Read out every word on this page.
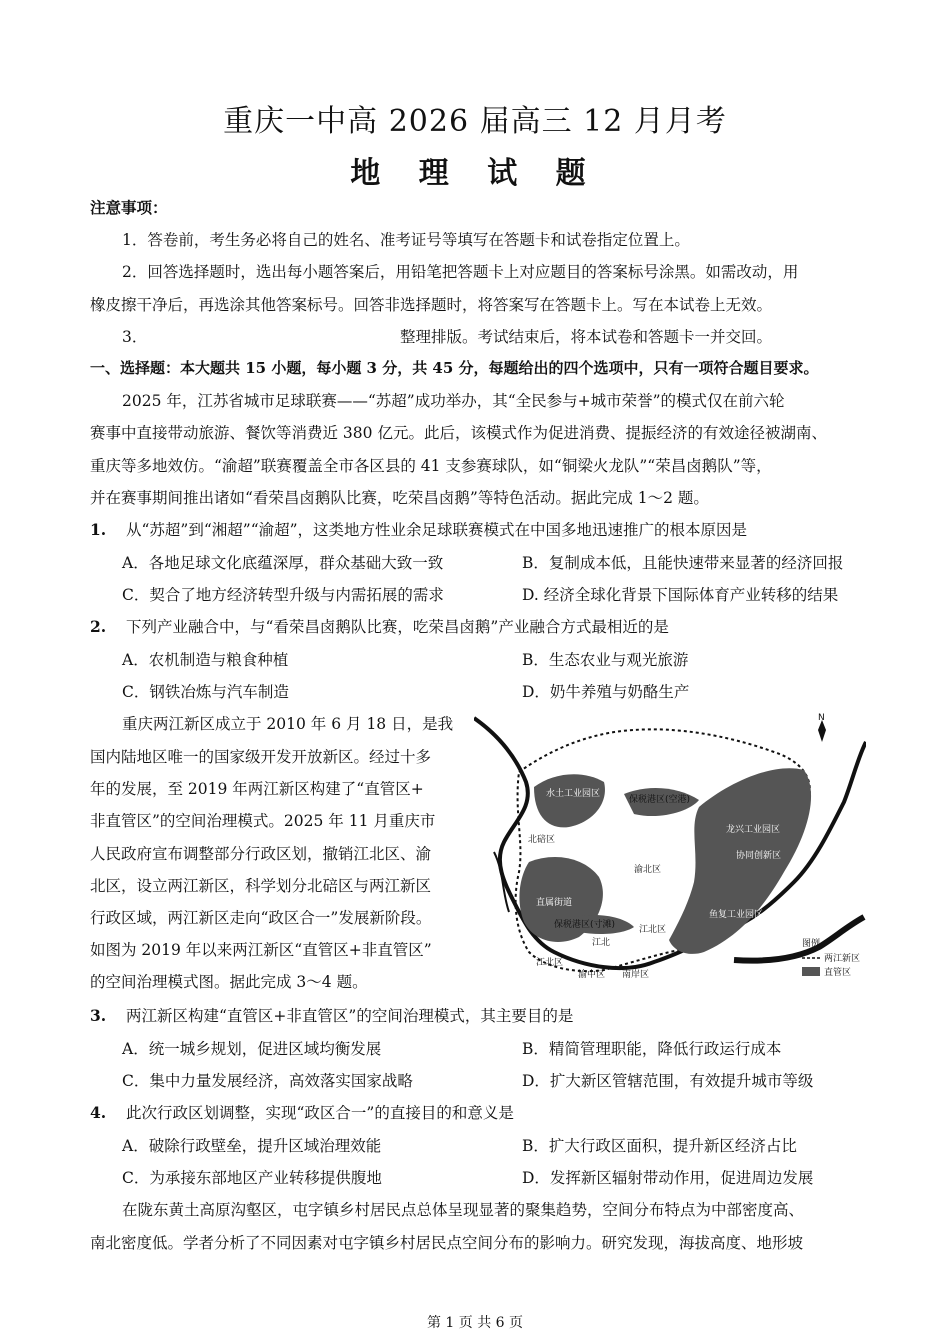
重庆一中高 2026 届高三 12 月月考
地 理 试 题
注意事项：
1．答卷前，考生务必将自己的姓名、准考证号等填写在答题卡和试卷指定位置上。
2．回答选择题时，选出每小题答案后，用铅笔把答题卡上对应题目的答案标号涂黑。如需改动，用
橡皮擦干净后，再选涂其他答案标号。回答非选择题时，将答案写在答题卡上。写在本试卷上无效。
3．	整理排版。考试结束后，将本试卷和答题卡一并交回。
一、选择题：本大题共 15 小题，每小题 3 分，共 45 分，每题给出的四个选项中，只有一项符合题目要求。
2025 年，江苏省城市足球联赛——“苏超”成功举办，其“全民参与+城市荣誉”的模式仅在前六轮
赛事中直接带动旅游、餐饮等消费近 380 亿元。此后，该模式作为促进消费、提振经济的有效途径被湖南、
重庆等多地效仿。“渝超”联赛覆盖全市各区县的 41 支参赛球队，如“铜梁火龙队”“荣昌卤鹅队”等，
并在赛事期间推出诸如“看荣昌卤鹅队比赛，吃荣昌卤鹅”等特色活动。据此完成 1～2 题。
1. 从“苏超”到“湘超”“渝超”，这类地方性业余足球联赛模式在中国多地迅速推广的根本原因是
A．各地足球文化底蕴深厚，群众基础大致一致	B．复制成本低，且能快速带来显著的经济回报
C．契合了地方经济转型升级与内需拓展的需求	D. 经济全球化背景下国际体育产业转移的结果
2. 下列产业融合中，与“看荣昌卤鹅队比赛，吃荣昌卤鹅”产业融合方式最相近的是
A．农机制造与粮食种植	B．生态农业与观光旅游
C．钢铁冶炼与汽车制造	D．奶牛养殖与奶酪生产
重庆两江新区成立于 2010 年 6 月 18 日，是我
国内陆地区唯一的国家级开发开放新区。经过十多
年的发展，至 2019 年两江新区构建了“直管区+
非直管区”的空间治理模式。2025 年 11 月重庆市
人民政府宣布调整部分行政区划，撤销江北区、渝
北区，设立两江新区，科学划分北碚区与两江新区
行政区域，两江新区走向“政区合一”发展新阶段。
如图为 2019 年以来两江新区“直管区+非直管区”
的空间治理模式图。据此完成 3～4 题。
水土工业园区
保税港区(空港)
北碚区
龙兴工业园区
协同创新区
渝北区
直属街道
保税港区(寸滩)	江北区
鱼复工业园区
江北
江北区
渝中区 南岸区
N
图例
两江新区
直管区
3. 两江新区构建“直管区+非直管区”的空间治理模式，其主要目的是
A．统一城乡规划，促进区域均衡发展	B．精简管理职能，降低行政运行成本
C．集中力量发展经济，高效落实国家战略	D．扩大新区管辖范围，有效提升城市等级
4. 此次行政区划调整，实现“政区合一”的直接目的和意义是
A．破除行政壁垒，提升区域治理效能	B．扩大行政区面积，提升新区经济占比
C．为承接东部地区产业转移提供腹地	D．发挥新区辐射带动作用，促进周边发展
在陇东黄土高原沟壑区，屯字镇乡村居民点总体呈现显著的聚集趋势，空间分布特点为中部密度高、
南北密度低。学者分析了不同因素对屯字镇乡村居民点空间分布的影响力。研究发现，海拔高度、地形坡
第 1 页 共 6 页
